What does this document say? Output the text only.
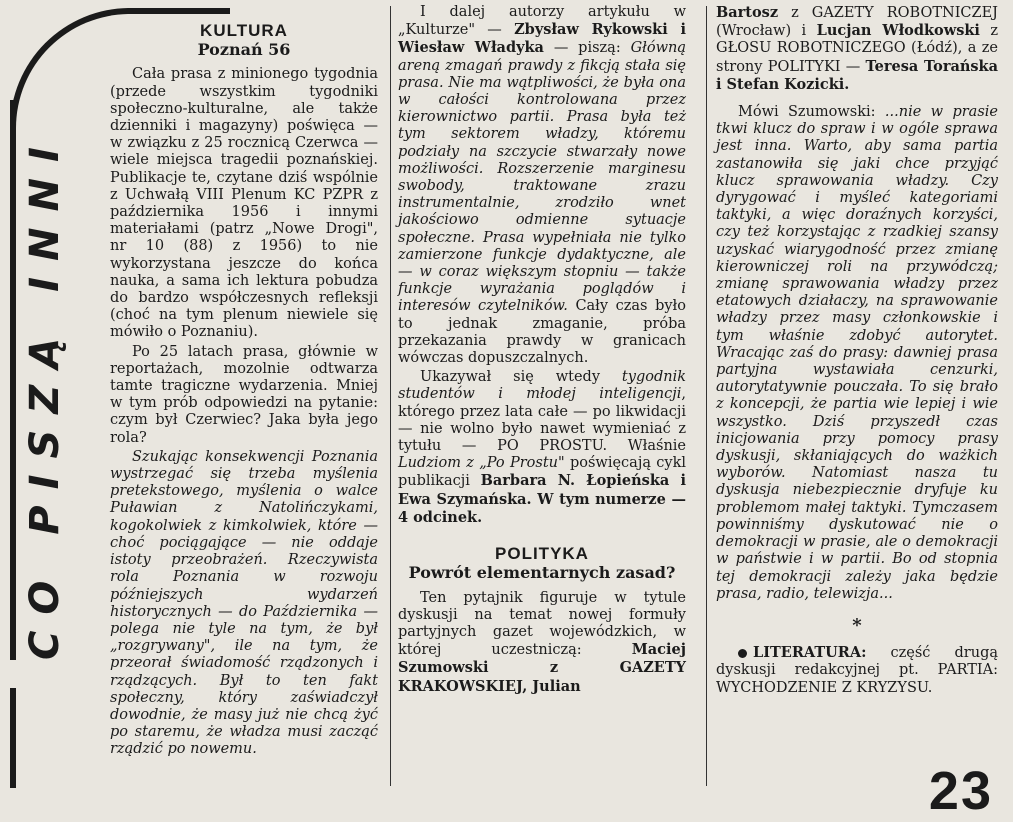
CO PISZĄ INNI
KULTURA
Poznań 56

Cała prasa z minionego tygodnia (przede wszystkim tygodniki społeczno-kulturalne, ale także dzienniki i magazyny) poświęca — w związku z 25 rocznicą Czerwca — wiele miejsca tragedii poznańskiej. Publikacje te, czytane dziś wspólnie z Uchwałą VIII Plenum KC PZPR z października 1956 i innymi materiałami (patrz „Nowe Drogi", nr 10 (88) z 1956) to nie wykorzystana jeszcze do końca nauka, a sama ich lektura pobudza do bardzo współczesnych refleksji (choć na tym plenum niewiele się mówiło o Poznaniu).

Po 25 latach prasa, głównie w reportażach, mozolnie odtwarza tamte tragiczne wydarzenia. Mniej w tym prób odpowiedzi na pytanie: czym był Czerwiec? Jaka była jego rola?

Szukając konsekwencji Poznania wystrzegać się trzeba myślenia pretekstowego, myślenia o walce Puławian z Natolińczykami, kogokolwiek z kimkolwiek, które — choć pociągające — nie oddaje istoty przeobrażeń. Rzeczywista rola Poznania w rozwoju późniejszych wydarzeń historycznych — do Października — polega nie tyle na tym, że był „rozgrywany", ile na tym, że przeorał świadomość rządzonych i rządzących. Był to ten fakt społeczny, który zaświadczył dowodnie, że masy już nie chcą żyć po staremu, że władza musi zacząć rządzić po nowemu.

I dalej autorzy artykułu w „Kulturze" — Zbysław Rykowski i Wiesław Władyka — piszą: Główną areną zmagań prawdy z fikcją stała się prasa. Nie ma wątpliwości, że była ona w całości kontrolowana przez kierownictwo partii. Prasa była też tym sektorem władzy, któremu podziały na szczycie stwarzały nowe możliwości. Rozszerzenie marginesu swobody, traktowane zrazu instrumentalnie, zrodziło wnet jakościowo odmienne sytuacje społeczne. Prasa wypełniała nie tylko zamierzone funkcje dydaktyczne, ale — w coraz większym stopniu — także funkcje wyrażania poglądów i interesów czytelników. Cały czas było to jednak zmaganie, próba przekazania prawdy w granicach wówczas dopuszczalnych.

Ukazywał się wtedy tygodnik studentów i młodej inteligencji, którego przez lata całe — po likwidacji — nie wolno było nawet wymieniać z tytułu — PO PROSTU. Właśnie Ludziom z „Po Prostu" poświęcają cykl publikacji Barbara N. Łopieńska i Ewa Szymańska. W tym numerze — 4 odcinek.

POLITYKA
Powrót elementarnych zasad?

Ten pytajnik figuruje w tytule dyskusji na temat nowej formuły partyjnych gazet wojewódzkich, w której uczestniczą: Maciej Szumowski z GAZETY KRAKOWSKIEJ, Julian

Bartosz z GAZETY ROBOTNICZEJ (Wrocław) i Lucjan Włodkowski z GŁOSU ROBOTNICZEGO (Łódź), a ze strony POLITYKI — Teresa Torańska i Stefan Kozicki.

Mówi Szumowski: ...nie w prasie tkwi klucz do spraw i w ogóle sprawa jest inna. Warto, aby sama partia zastanowiła się jaki chce przyjąć klucz sprawowania władzy. Czy dyrygować i myśleć kategoriami taktyki, a więc doraźnych korzyści, czy też korzystając z rzadkiej szansy uzyskać wiarygodność przez zmianę kierowniczej roli na przywódczą; zmianę sprawowania władzy przez etatowych działaczy, na sprawowanie władzy przez masy członkowskie i tym właśnie zdobyć autorytet. Wracając zaś do prasy: dawniej prasa partyjna wystawiała cenzurki, autorytatywnie pouczała. To się brało z koncepcji, że partia wie lepiej i wie wszystko. Dziś przyszedł czas inicjowania przy pomocy prasy dyskusji, skłaniających do ważkich wyborów. Natomiast nasza tu dyskusja niebezpiecznie dryfuje ku problemom małej taktyki. Tymczasem powinniśmy dyskutować nie o demokracji w prasie, ale o demokracji w państwie i w partii. Bo od stopnia tej demokracji zależy jaka będzie prasa, radio, telewizja...

*

LITERATURA: część drugą dyskusji redakcyjnej pt. PARTIA: WYCHODZENIE Z KRYZYSU.

23
